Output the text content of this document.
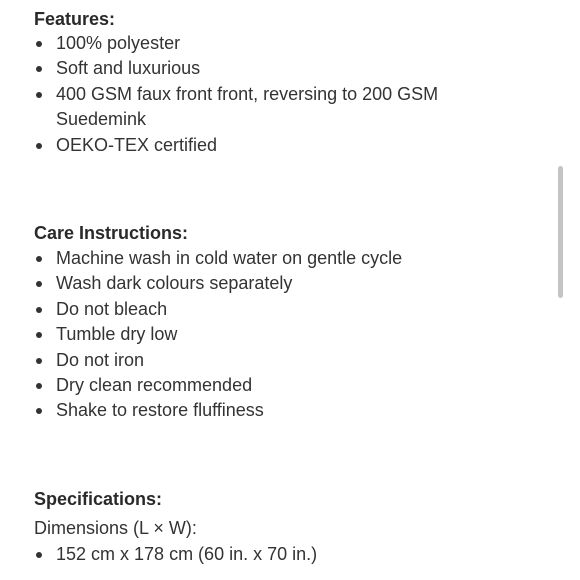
Features:
100% polyester
Soft and luxurious
400 GSM faux front front, reversing to 200 GSM Suedemink
OEKO-TEX certified
Care Instructions:
Machine wash in cold water on gentle cycle
Wash dark colours separately
Do not bleach
Tumble dry low
Do not iron
Dry clean recommended
Shake to restore fluffiness
Specifications:

Dimensions (L × W):

152 cm x 178 cm (60 in. x 70 in.)
